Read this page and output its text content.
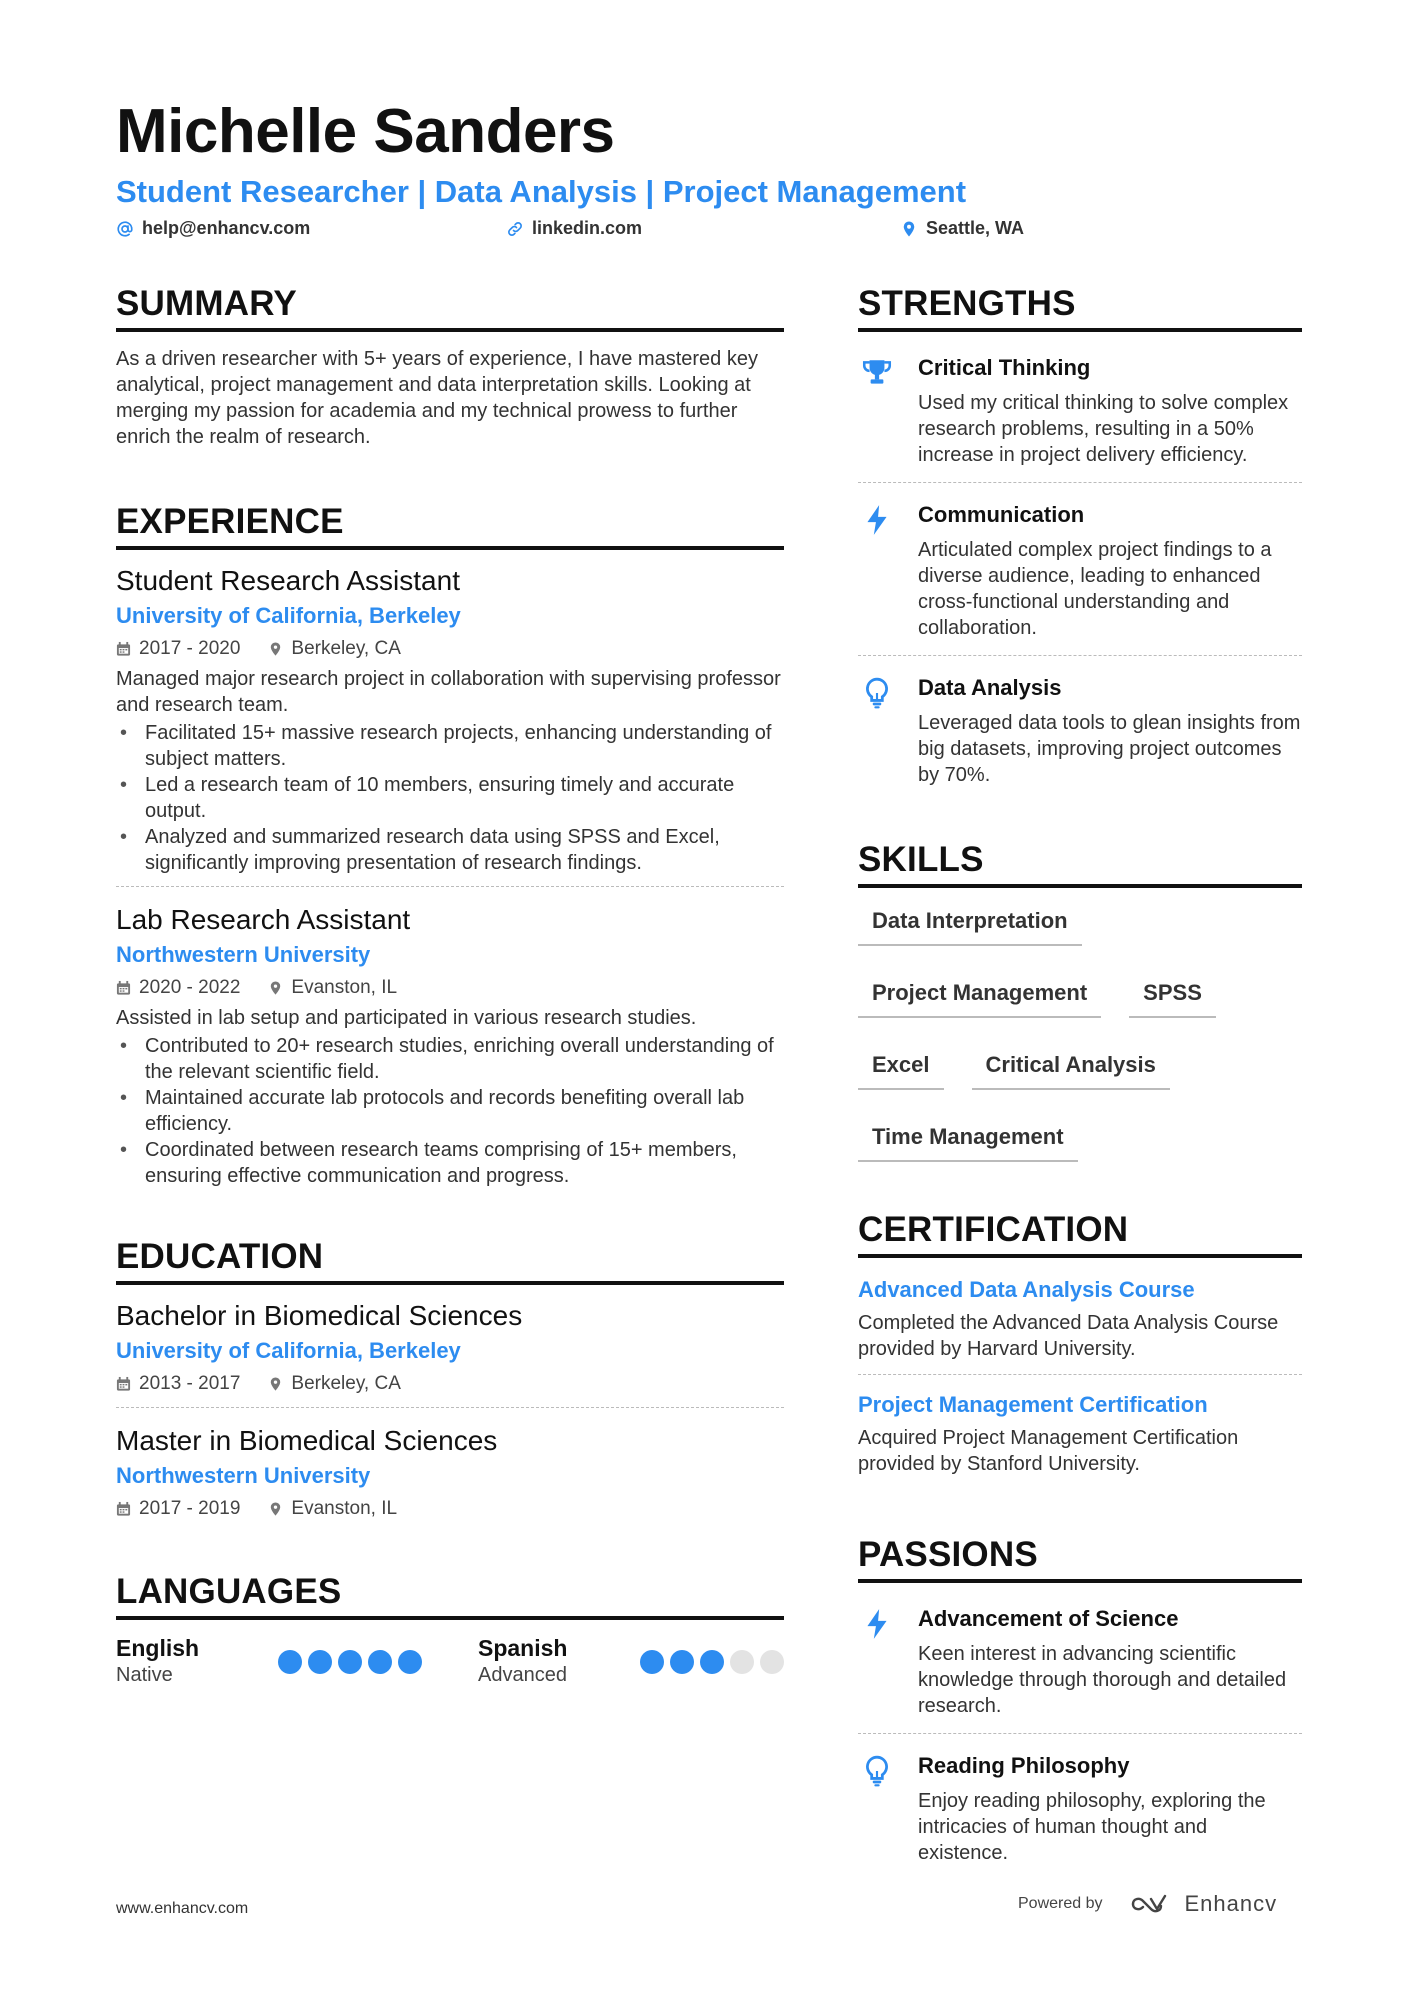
Michelle Sanders
Student Researcher | Data Analysis | Project Management
help@enhancv.com	linkedin.com	Seattle, WA
SUMMARY
As a driven researcher with 5+ years of experience, I have mastered key analytical, project management and data interpretation skills. Looking at merging my passion for academia and my technical prowess to further enrich the realm of research.
EXPERIENCE
Student Research Assistant
University of California, Berkeley
2017 - 2020	Berkeley, CA
Managed major research project in collaboration with supervising professor and research team.
• Facilitated 15+ massive research projects, enhancing understanding of subject matters.
• Led a research team of 10 members, ensuring timely and accurate output.
• Analyzed and summarized research data using SPSS and Excel, significantly improving presentation of research findings.
Lab Research Assistant
Northwestern University
2020 - 2022	Evanston, IL
Assisted in lab setup and participated in various research studies.
• Contributed to 20+ research studies, enriching overall understanding of the relevant scientific field.
• Maintained accurate lab protocols and records benefiting overall lab efficiency.
• Coordinated between research teams comprising of 15+ members, ensuring effective communication and progress.
EDUCATION
Bachelor in Biomedical Sciences
University of California, Berkeley
2013 - 2017	Berkeley, CA
Master in Biomedical Sciences
Northwestern University
2017 - 2019	Evanston, IL
LANGUAGES
English
Native
Spanish
Advanced
STRENGTHS
Critical Thinking
Used my critical thinking to solve complex research problems, resulting in a 50% increase in project delivery efficiency.
Communication
Articulated complex project findings to a diverse audience, leading to enhanced cross-functional understanding and collaboration.
Data Analysis
Leveraged data tools to glean insights from big datasets, improving project outcomes by 70%.
SKILLS
Data Interpretation
Project Management	SPSS
Excel	Critical Analysis
Time Management
CERTIFICATION
Advanced Data Analysis Course
Completed the Advanced Data Analysis Course provided by Harvard University.
Project Management Certification
Acquired Project Management Certification provided by Stanford University.
PASSIONS
Advancement of Science
Keen interest in advancing scientific knowledge through thorough and detailed research.
Reading Philosophy
Enjoy reading philosophy, exploring the intricacies of human thought and existence.
www.enhancv.com	Powered by	Enhancv
